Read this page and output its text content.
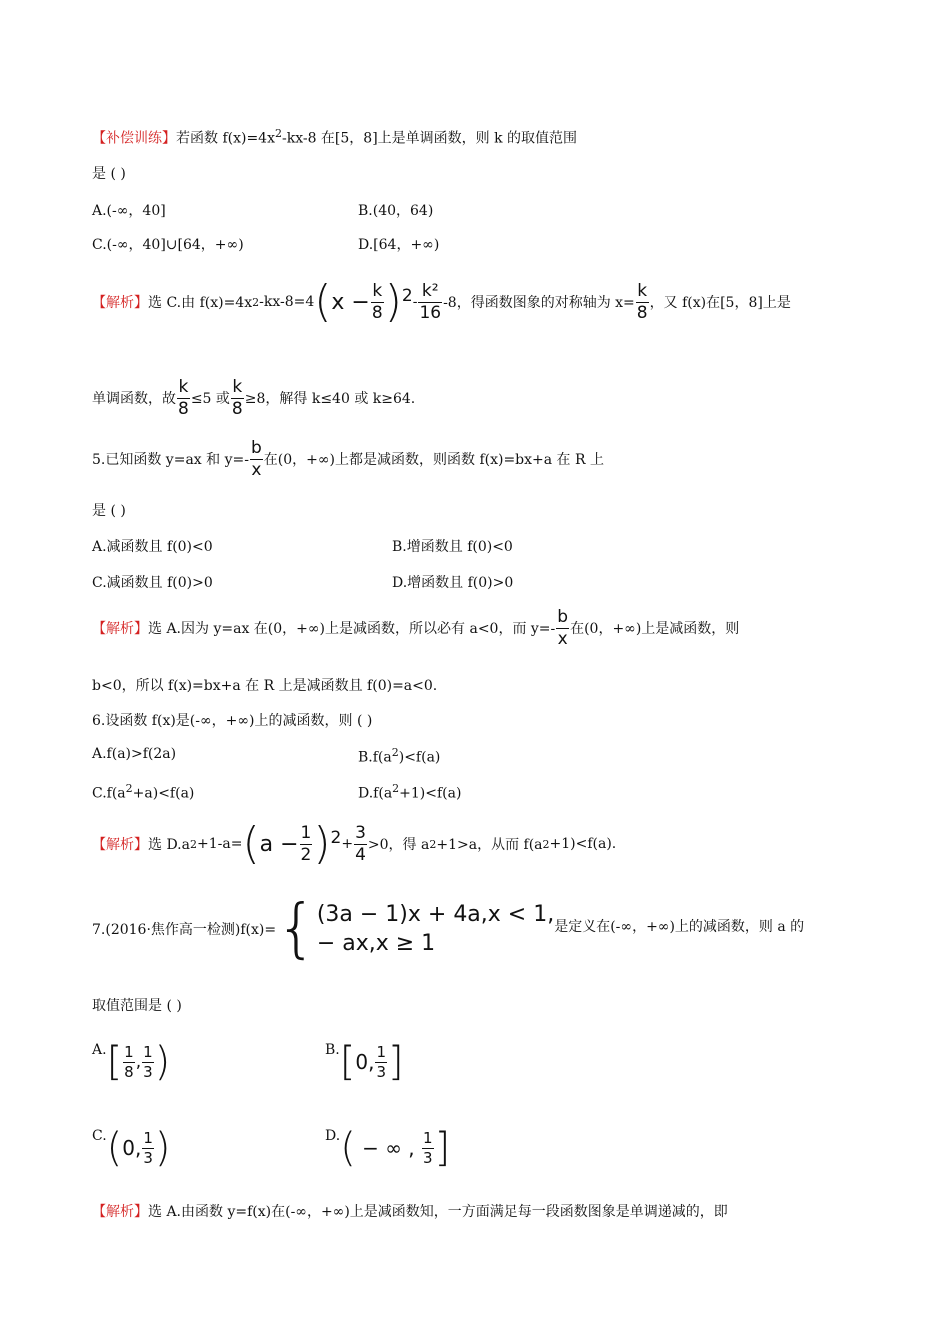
【补偿训练】若函数 $f(x)=4x^2-kx-8$ 在[5，8]上是单调函数，则 k 的取值范围
是 ( )
A.(-∞，40]	B.(40，64)
C.(-∞，40]∪[64，+∞)	D.[64，+∞)
【解析】 选 C.由 f(x)=4x 2 -kx-8=4 ( $x - \frac{k}{8}$ ) $2 - \frac{\text{k²}}{16} -8$，得函数图象的对称轴为 $x= \frac{k}{8}$ ，又 f(x)在[5，8]上是
单调函数，故 $\frac{k}{8} \le 5$ 或 $\frac{k}{8} \ge 8$，解得 k≤40 或 k≥64.
5.已知函数 y=ax 和 $y=- \frac{b}{x}$ 在(0，+∞)上都是减函数，则函数 f(x)=bx+a 在 R 上
是 ( )
A.减函数且 f(0)<0	B.增函数且 f(0)<0
C.减函数且 f(0)>0	D.增函数且 f(0)>0
【解析】 选 A.因为 y=ax 在(0，+∞)上是减函数，所以必有 a<0，而 $y=- \frac{b}{x}$ 在(0，+∞)上是减函数，则
b<0，所以 f(x)=bx+a 在 R 上是减函数且 f(0)=a<0.
6.设函数 f(x)是(-∞，+∞)上的减函数，则 ( )
A.f(a)>f(2a)	$B.f(a^2)<f(a)$
$C.f(a^2+a)<f(a)$	$D.f(a^2+1)<f(a)$
【解析】 选 D.a 2 +1-a= ( $a - \frac{1}{2}$ ) $2 + \frac{3}{4} >0$，得 a 2 +1>a，从而 f(a 2 +1)<f(a).
7.(2016·焦作高一检测)f(x)= { (3a − 1)x + 4a,x < 1,
− ax,x ≥ 1
是定义在(-∞，+∞)上的减函数，则 a 的
取值范围是 ( )
A. [ $\frac{1}{8}$ , $\frac{1}{3}$ )	B. [ 0, $\frac{1}{3}$ ]
C. ( 0, $\frac{1}{3}$ )	D. ( − ∞ , $\frac{1}{3}$ ]
【解析】选 A.由函数 y=f(x)在(-∞，+∞)上是减函数知，一方面满足每一段函数图象是单调递减的，即
